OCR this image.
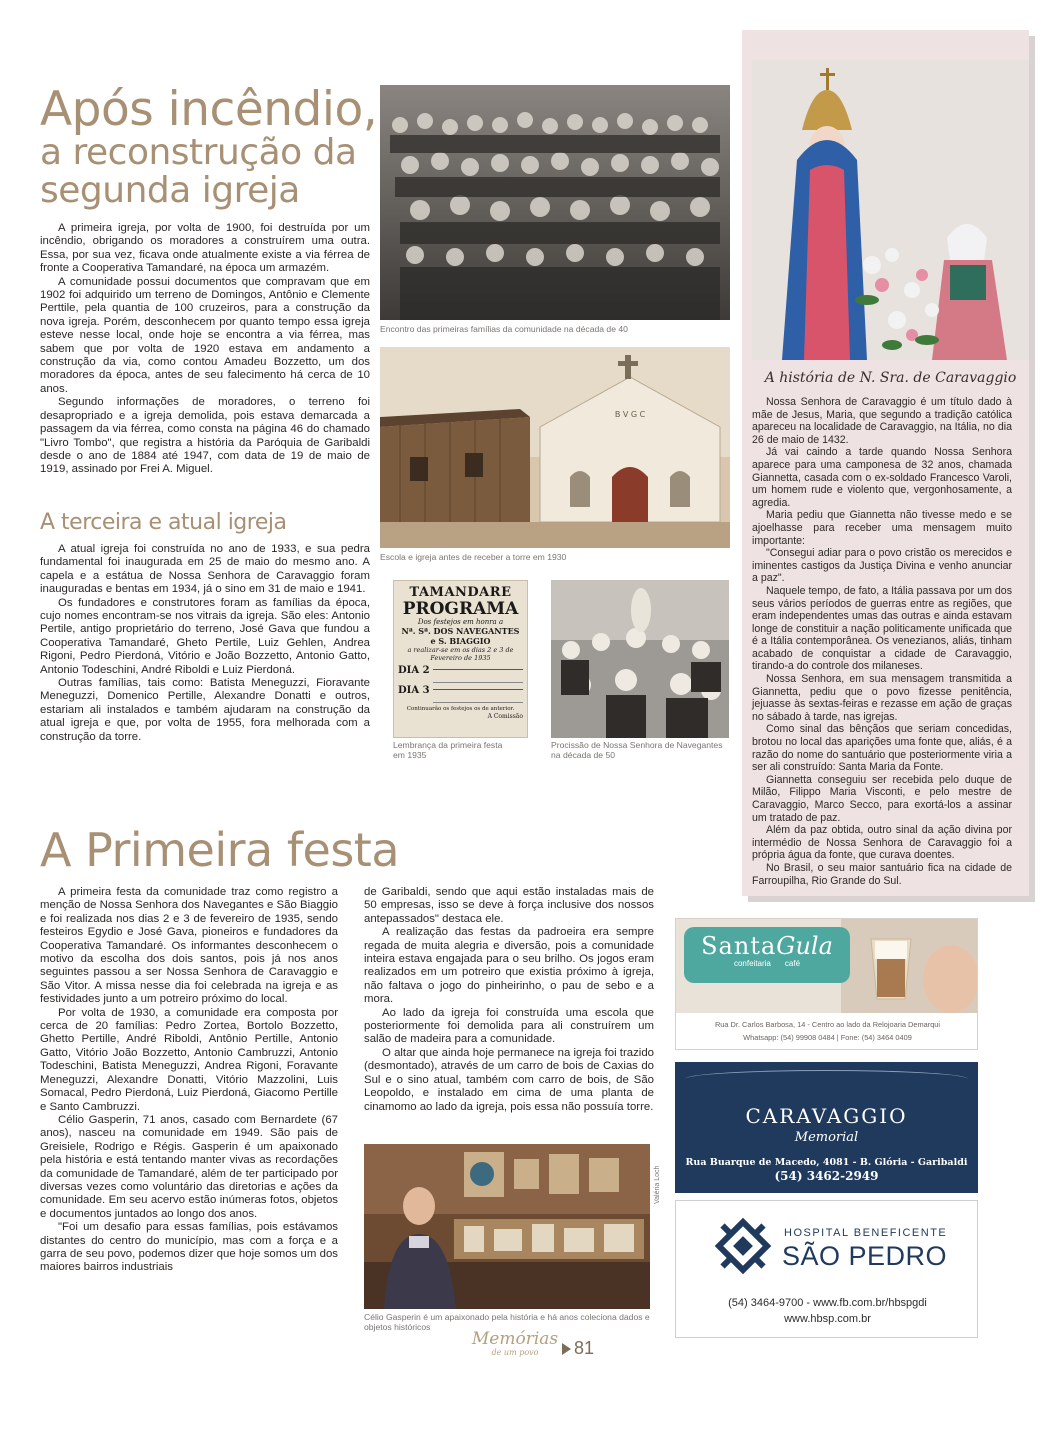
Após incêndio,
a reconstrução da
segunda igreja

A primeira igreja, por volta de 1900, foi destruída por um incêndio, obrigando os moradores a construírem uma outra. Essa, por sua vez, ficava onde atualmente existe a via férrea de fronte a Cooperativa Tamandaré, na época um armazém.

A comunidade possui documentos que compravam que em 1902 foi adquirido um terreno de Domingos, Antônio e Clemente Perttile, pela quantia de 100 cruzeiros, para a construção da nova igreja. Porém, desconhecem por quanto tempo essa igreja esteve nesse local, onde hoje se encontra a via férrea, mas sabem que por volta de 1920 estava em andamento a construção da via, como contou Amadeu Bozzetto, um dos moradores da época, antes de seu falecimento há cerca de 10 anos.

Segundo informações de moradores, o terreno foi desapropriado e a igreja demolida, pois estava demarcada a passagem da via férrea, como consta na página 46 do chamado "Livro Tombo", que registra a história da Paróquia de Garibaldi desde o ano de 1884 até 1947, com data de 19 de maio de 1919, assinado por Frei A. Miguel.

A terceira e atual igreja

A atual igreja foi construída no ano de 1933, e sua pedra fundamental foi inaugurada em 25 de maio do mesmo ano. A capela e a estátua de Nossa Senhora de Caravaggio foram inauguradas e bentas em 1934, já o sino em 31 de maio e 1941.

Os fundadores e construtores foram as famílias da época, cujo nomes encontram-se nos vitrais da igreja. São eles: Antonio Pertile, antigo proprietário do terreno, José Gava que fundou a Cooperativa Tamandaré, Gheto Pertile, Luiz Gehlen, Andrea Rigoni, Pedro Pierdoná, Vitório e João Bozzetto, Antonio Gatto, Antonio Todeschini, André Riboldi e Luiz Pierdoná.

Outras famílias, tais como: Batista Meneguzzi, Fioravante Meneguzzi, Domenico Pertille, Alexandre Donatti e outros, estariam ali instalados e também ajudaram na construção da atual igreja e que, por volta de 1955, fora melhorada com a construção da torre.

Encontro das primeiras famílias da comunidade na década de 40
B V G C
Escola e igreja antes de receber a torre em 1930
TAMANDARE
PROGRAMA
Dos festejos em honra a
Nª. Sª. DOS NAVEGANTES
e S. BIAGGIO
a realizar-se em os dias 2 e 3 de Fevereiro de 1935
DIA 2
DIA 3
Continuarão os festejos os de anterior.
A Comissão
Lembrança da primeira festa em 1935
Procissão de Nossa Senhora de Navegantes na década de 50
A história de N. Sra. de Caravaggio

Nossa Senhora de Caravaggio é um título dado à mãe de Jesus, Maria, que segundo a tradição católica apareceu na localidade de Caravaggio, na Itália, no dia 26 de maio de 1432.

Já vai caindo a tarde quando Nossa Senhora aparece para uma camponesa de 32 anos, chamada Giannetta, casada com o ex-soldado Francesco Varoli, um homem rude e violento que, vergonhosamente, a agredia.

Maria pediu que Giannetta não tivesse medo e se ajoelhasse para receber uma mensagem muito importante:

"Consegui adiar para o povo cristão os merecidos e iminentes castigos da Justiça Divina e venho anunciar a paz".

Naquele tempo, de fato, a Itália passava por um dos seus vários períodos de guerras entre as regiões, que eram independentes umas das outras e ainda estavam longe de constituir a nação politicamente unificada que é a Itália contemporânea. Os venezianos, aliás, tinham acabado de conquistar a cidade de Caravaggio, tirando-a do controle dos milaneses.

Nossa Senhora, em sua mensagem transmitida a Giannetta, pediu que o povo fizesse penitência, jejuasse às sextas-feiras e rezasse em ação de graças no sábado à tarde, nas igrejas.

Como sinal das bênçãos que seriam concedidas, brotou no local das aparições uma fonte que, aliás, é a razão do nome do santuário que posteriormente viria a ser ali construído: Santa Maria da Fonte.

Giannetta conseguiu ser recebida pelo duque de Milão, Filippo Maria Visconti, e pelo mestre de Caravaggio, Marco Secco, para exortá-los a assinar um tratado de paz.

Além da paz obtida, outro sinal da ação divina por intermédio de Nossa Senhora de Caravaggio foi a própria água da fonte, que curava doentes.

No Brasil, o seu maior santuário fica na cidade de Farroupilha, Rio Grande do Sul.

A Primeira festa

A primeira festa da comunidade traz como registro a menção de Nossa Senhora dos Navegantes e São Biaggio e foi realizada nos dias 2 e 3 de fevereiro de 1935, sendo festeiros Egydio e José Gava, pioneiros e fundadores da Cooperativa Tamandaré. Os informantes desconhecem o motivo da escolha dos dois santos, pois já nos anos seguintes passou a ser Nossa Senhora de Caravaggio e São Vitor. A missa nesse dia foi celebrada na igreja e as festividades junto a um potreiro próximo do local.

Por volta de 1930, a comunidade era composta por cerca de 20 famílias: Pedro Zortea, Bortolo Bozzetto, Ghetto Pertille, André Riboldi, Antônio Pertille, Antonio Gatto, Vitório João Bozzetto, Antonio Cambruzzi, Antonio Todeschini, Batista Meneguzzi, Andrea Rigoni, Foravante Meneguzzi, Alexandre Donatti, Vitório Mazzolini, Luis Somacal, Pedro Pierdoná, Luiz Pierdoná, Giacomo Pertille e Santo Cambruzzi.

Célio Gasperin, 71 anos, casado com Bernardete (67 anos), nasceu na comunidade em 1949. São pais de Greisiele, Rodrigo e Régis. Gasperin é um apaixonado pela história e está tentando manter vivas as recordações da comunidade de Tamandaré, além de ter participado por diversas vezes como voluntário das diretorias e ações da comunidade. Em seu acervo estão inúmeras fotos, objetos e documentos juntados ao longo dos anos.

"Foi um desafio para essas famílias, pois estávamos distantes do centro do município, mas com a força e a garra de seu povo, podemos dizer que hoje somos um dos maiores bairros industriais

de Garibaldi, sendo que aqui estão instaladas mais de 50 empresas, isso se deve à força inclusive dos nossos antepassados" destaca ele.

A realização das festas da padroeira era sempre regada de muita alegria e diversão, pois a comunidade inteira estava engajada para o seu brilho. Os jogos eram realizados em um potreiro que existia próximo à igreja, não faltava o jogo do pinheirinho, o pau de sebo e a mora.

Ao lado da igreja foi construída uma escola que posteriormente foi demolida para ali construírem um salão de madeira para a comunidade.

O altar que ainda hoje permanece na igreja foi trazido (desmontado), através de um carro de bois de Caxias do Sul e o sino atual, também com carro de bois, de São Leopoldo, e instalado em cima de uma planta de cinamomo ao lado da igreja, pois essa não possuía torre.

Valéria Loch
Célio Gasperin é um apaixonado pela história e há anos coleciona dados e objetos históricos
Memórias
de um povo	81
SantaGula
confeitaria café
Rua Dr. Carlos Barbosa, 14 - Centro ao lado da Relojoaria Demarqui
Whatsapp: (54) 99908 0484 | Fone: (54) 3464 0409
CARAVAGGIO
Memorial
Rua Buarque de Macedo, 4081 - B. Glória - Garibaldi
(54) 3462-2949
HOSPITAL BENEFICENTE
SÃO PEDRO
(54) 3464-9700 - www.fb.com.br/hbspgdi
www.hbsp.com.br
